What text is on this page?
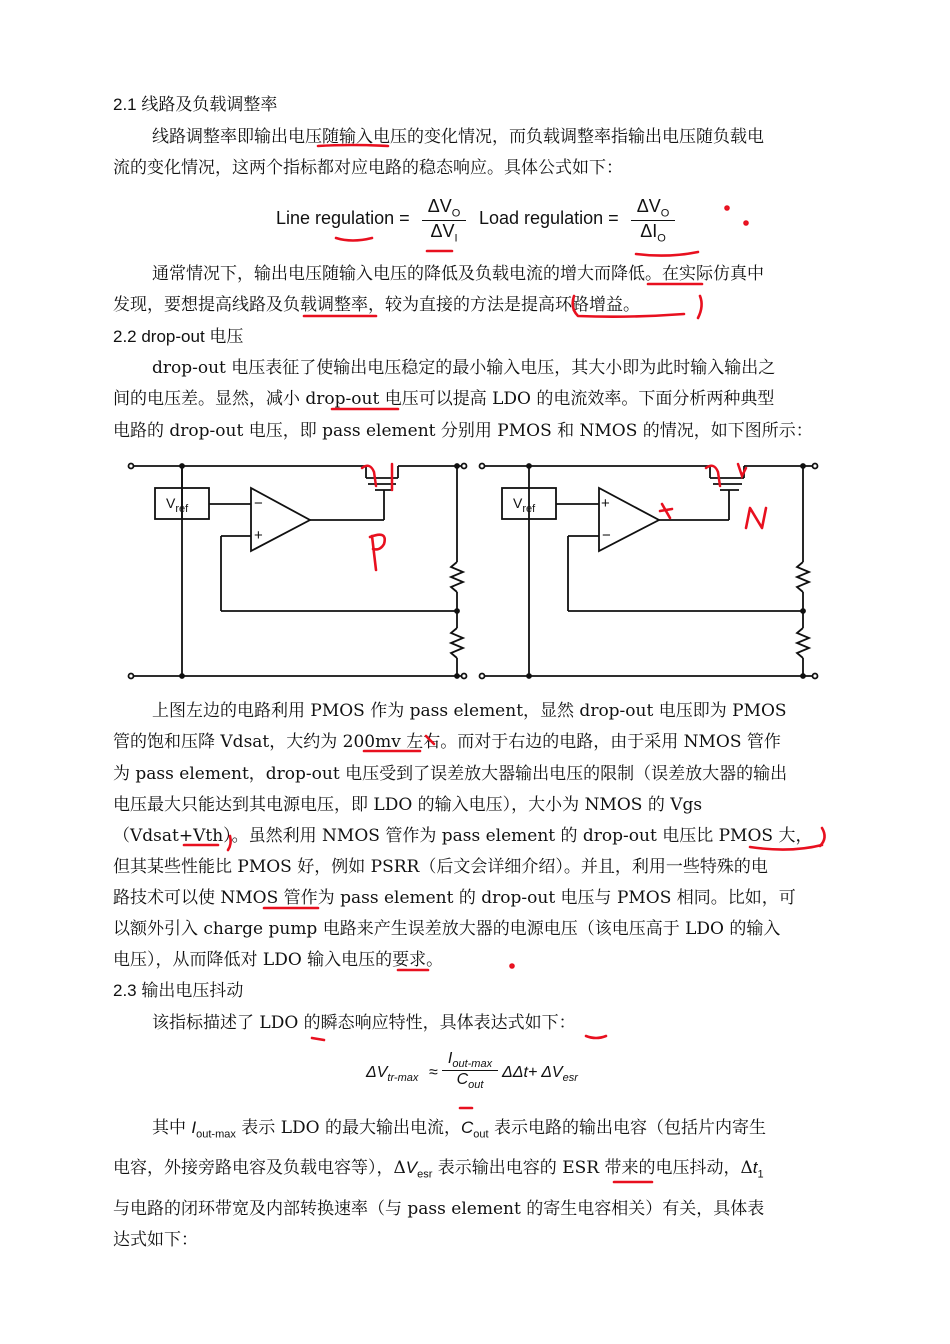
2.1 线路及负载调整率
线路调整率即输出电压随输入电压的变化情况，而负载调整率指输出电压随负载电
流的变化情况，这两个指标都对应电路的稳态响应。具体公式如下：
Line regulation =
$\Delta V_O$
$\Delta V_I$
Load regulation =
$\Delta V_O$
$\Delta I_O$
通常情况下，输出电压随输入电压的降低及负载电流的增大而降低。在实际仿真中
发现，要想提高线路及负载调整率，较为直接的方法是提高环路增益。
2.2 drop-out 电压
drop-out 电压表征了使输出电压稳定的最小输入电压，其大小即为此时输入输出之
间的电压差。显然，减小 drop-out 电压可以提高 LDO 的电流效率。下面分析两种典型
电路的 drop-out 电压，即 pass element 分别用 PMOS 和 NMOS 的情况，如下图所示：
$V_{ref}$	$V_{ref}$
−
+
+
−
上图左边的电路利用 PMOS 作为 pass element，显然 drop-out 电压即为 PMOS
管的饱和压降 Vdsat，大约为 200mv 左右。而对于右边的电路，由于采用 NMOS 管作
为 pass element，drop-out 电压受到了误差放大器输出电压的限制（误差放大器的输出
电压最大只能达到其电源电压，即 LDO 的输入电压），大小为 NMOS 的 Vgs
（Vdsat+Vth）。虽然利用 NMOS 管作为 pass element 的 drop-out 电压比 PMOS 大，
但其某些性能比 PMOS 好，例如 PSRR（后文会详细介绍）。并且，利用一些特殊的电
路技术可以使 NMOS 管作为 pass element 的 drop-out 电压与 PMOS 相同。比如，可
以额外引入 charge pump 电路来产生误差放大器的电源电压（该电压高于 LDO 的输入
电压），从而降低对 LDO 输入电压的要求。
2.3 输出电压抖动
该指标描述了 LDO 的瞬态响应特性，具体表达式如下：
$\Delta V_{tr-max}$ ≈
$I_{out-max}$
$C_{out}$
$\Delta\Delta t + \Delta V_{esr}$
其中 $I_{out-max}$ 表示 LDO 的最大输出电流，$C_{out}$ 表示电路的输出电容（包括片内寄生
电容，外接旁路电容及负载电容等），$\Delta V_{esr}$ 表示输出电容的 ESR 带来的电压抖动，$\Delta t_1$
与电路的闭环带宽及内部转换速率（与 pass element 的寄生电容相关）有关，具体表
达式如下：
